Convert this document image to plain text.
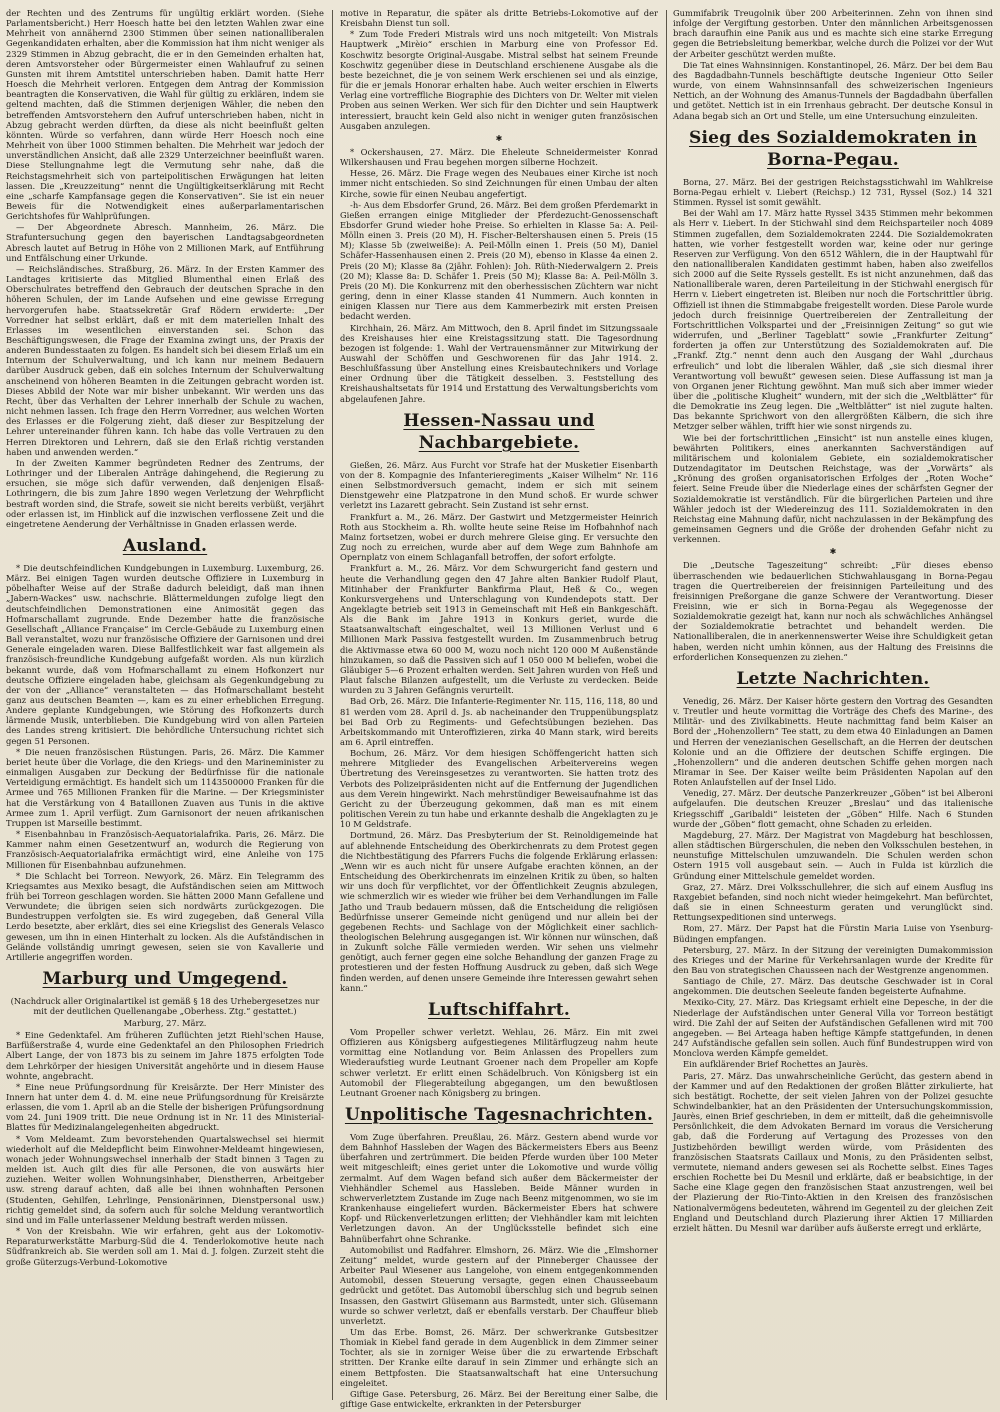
der Rechten und des Zentrums für ungültig erklärt worden. (Siehe Parlamentsbericht.) Herr Hoesch hatte bei den letzten Wahlen zwar eine Mehrheit von annähernd 2300 Stimmen über seinen nationalliberalen Gegenkandidaten erhalten, aber die Kommission hat ihm nicht weniger als 2329 Stimmen in Abzug gebracht, die er in den Gemeinden erhalten hat, deren Amtsvorsteher oder Bürgermeister einen Wahlaufruf zu seinen Gunsten mit ihrem Amtstitel unterschrieben haben. Damit hatte Herr Hoesch die Mehrheit verloren. Entgegen dem Antrag der Kommission beantragten die Konservativen, die Wahl für gültig zu erklären, indem sie geltend machten, daß die Stimmen derjenigen Wähler, die neben den betreffenden Amtsvorstehern den Aufruf unterschrieben haben, nicht in Abzug gebracht werden dürften, da diese als nicht beeinflußt gelten könnten. Würde so verfahren, dann würde Herr Hoesch noch eine Mehrheit von über 1000 Stimmen behalten. Die Mehrheit war jedoch der unverständlichen Ansicht, daß alle 2329 Unterzeichner beeinflußt waren. Diese Stellungnahme legt die Vermutung sehr nahe, daß die Reichstagsmehrheit sich von parteipolitischen Erwägungen hat leiten lassen. Die „Kreuzzeitung“ nennt die Ungültigkeitserklärung mit Recht eine „scharfe Kampfansage gegen die Konservativen“. Sie ist ein neuer Beweis für die Notwendigkeit eines außerparlamentarischen Gerichtshofes für Wahlprüfungen.

— Der Abgeordnete Abresch. Mannheim, 26. März. Die Strafuntersuchung gegen den bayerischen Landtagsabgeordneten Abresch lautet auf Betrug in Höhe von 2 Millionen Mark, auf Entführung und Entfälschung einer Urkunde.

— Reichsländisches. Straßburg, 26. März. In der Ersten Kammer des Landtages kritisierte das Mitglied Blumenthal einen Erlaß des Oberschulrates betreffend den Gebrauch der deutschen Sprache in den höheren Schulen, der im Lande Aufsehen und eine gewisse Erregung hervorgerufen habe. Staatssekretär Graf Rödern erwiderte: „Der Vorredner hat selbst erklärt, daß er mit dem materiellen Inhalt des Erlasses im wesentlichen einverstanden sei. Schon das Beschäftigungswesen, die Frage der Examina zwingt uns, der Praxis der anderen Bundesstaaten zu folgen. Es handelt sich bei diesem Erlaß um ein Internum der Schulverwaltung, und ich kann nur meinem Bedauern darüber Ausdruck geben, daß ein solches Internum der Schulverwaltung anscheinend von höheren Beamten in die Zeitungen gebracht worden ist. Dieses Abbild der Note war mir bisher unbekannt. Wir werden uns das Recht, über das Verhalten der Lehrer innerhalb der Schule zu wachen, nicht nehmen lassen. Ich frage den Herrn Vorredner, aus welchen Worten des Erlasses er die Folgerung zieht, daß dieser zur Bespitzelung der Lehrer untereinander führen kann. Ich habe das volle Vertrauen zu den Herren Direktoren und Lehrern, daß sie den Erlaß richtig verstanden haben und anwenden werden.“

In der Zweiten Kammer begründeten Redner des Zentrums, der Lothringer und der Liberalen Anträge dahingehend, die Regierung zu ersuchen, sie möge sich dafür verwenden, daß denjenigen Elsaß-Lothringern, die bis zum Jahre 1890 wegen Verletzung der Wehrpflicht bestraft worden sind, die Strafe, soweit sie nicht bereits verbüßt, verjährt oder erlassen ist, im Hinblick auf die inzwischen verflossene Zeit und die eingetretene Aenderung der Verhältnisse in Gnaden erlassen werde.

Ausland.

* Die deutschfeindlichen Kundgebungen in Luxemburg. Luxemburg, 26. März. Bei einigen Tagen wurden deutsche Offiziere in Luxemburg in pöbelhafter Weise auf der Straße dadurch beleidigt, daß man ihnen „Jabern-Wackes“ usw. nachschrie. Blättermeldungen zufolge liegt den deutschfeindlichen Demonstrationen eine Animosität gegen das Hofmarschallamt zugrunde. Ende Dezember hatte die französische Gesellschaft „Alliance Française“ im Cercle-Gebäude zu Luxemburg einen Ball veranstaltet, wozu nur französische Offiziere der Garnisonen und drei Generale eingeladen waren. Diese Ballfestlichkeit war fast allgemein als französisch-freundliche Kundgebung aufgefaßt worden. Als nun kürzlich bekannt wurde, daß vom Hofmarschallamt zu einem Hofkonzert nur deutsche Offiziere eingeladen habe, gleichsam als Gegenkundgebung zu der von der „Alliance“ veranstalteten — das Hofmarschallamt besteht ganz aus deutschen Beamten —, kam es zu einer erheblichen Erregung. Andere geplante Kundgebungen, wie Störung des Hofkonzerts durch lärmende Musik, unterblieben. Die Kundgebung wird von allen Parteien des Landes streng kritisiert. Die behördliche Untersuchung richtet sich gegen 51 Personen.

* Die neuen französischen Rüstungen. Paris, 26. März. Die Kammer beriet heute über die Vorlage, die den Kriegs- und den Marineminister zu einmaligen Ausgaben zur Deckung der Bedürfnisse für die nationale Verteidigung ermächtigt. Es handelt sich um 1143500000 Franken für die Armee und 765 Millionen Franken für die Marine. — Der Kriegsminister hat die Verstärkung von 4 Bataillonen Zuaven aus Tunis in die aktive Armee zum 1. April verfügt. Zum Garnisonort der neuen afrikanischen Truppen ist Marseille bestimmt.

* Eisenbahnbau in Französisch-Aequatorialafrika. Paris, 26. März. Die Kammer nahm einen Gesetzentwurf an, wodurch die Regierung von Französisch-Aequatorialafrika ermächtigt wird, eine Anleihe von 175 Millionen für Eisenbahnbau aufzunehmen.

* Die Schlacht bei Torreon. Newyork, 26. März. Ein Telegramm des Kriegsamtes aus Mexiko besagt, die Aufständischen seien am Mittwoch früh bei Torreon geschlagen worden. Sie hätten 2000 Mann Gefallene und Verwundete; die übrigen seien sich nordwärts zurückgezogen. Die Bundestruppen verfolgten sie. Es wird zugegeben, daß General Villa Lerdo besetzte, aber erklärt, dies sei eine Kriegslist des Generals Velasco gewesen, um ihn in einen Hinterhalt zu locken. Als die Aufständischen in Gelände vollständig umringt gewesen, seien sie von Kavallerie und Artillerie angegriffen worden.

Marburg und Umgegend.
(Nachdruck aller Originalartikel ist gemäß § 18 des Urhebergesetzes nur mit der deutlichen Quellenangabe „Oberhess. Ztg.“ gestattet.)
Marburg, 27. März.

* Eine Gedenktafel. Am früheren Zuflüchten jetzt Riehl'schen Hause, Barfüßerstraße 4, wurde eine Gedenktafel an den Philosophen Friedrich Albert Lange, der von 1873 bis zu seinem im Jahre 1875 erfolgten Tode dem Lehrkörper der hiesigen Universität angehörte und in diesem Hause wohnte, angebracht.

* Eine neue Prüfungsordnung für Kreisärzte. Der Herr Minister des Innern hat unter dem 4. d. M. eine neue Prüfungsordnung für Kreisärzte erlassen, die vom 1. April ab an die Stelle der bisherigen Prüfungsordnung vom 24. Juni 1909 tritt. Die neue Ordnung ist in Nr. 11 des Ministerial-Blattes für Medizinalangelegenheiten abgedruckt.

* Vom Meldeamt. Zum bevorstehenden Quartalswechsel sei hiermit wiederholt auf die Meldepflicht beim Einwohner-Meldeamt hingewiesen, wonach jeder Wohnungswechsel innerhalb der Stadt binnen 3 Tagen zu melden ist. Auch gilt dies für alle Personen, die von auswärts hier zuziehen. Weiter wollen Wohnungsinhaber, Dienstherren, Arbeitgeber usw. streng darauf achten, daß alle bei ihnen wohnhaften Personen (Studenten, Gehilfen, Lehrlinge, Pensionärinnen, Dienstpersonal usw.) richtig gemeldet sind, da sofern auch für solche Meldung verantwortlich sind und im Falle unterlassener Meldung bestraft werden müssen.

* Von der Kreisbahn. Wie wir erfahren, geht aus der Lokomotiv-Reparaturwerkstätte Marburg-Süd die 4. Tenderlokomotive heute nach Südfrankreich ab. Sie werden soll am 1. Mai d. J. folgen. Zurzeit steht die große Güterzugs-Verbund-Lokomotive

motive in Reparatur, die später als dritte Betriebs-Lokomotive auf der Kreisbahn Dienst tun soll.

* Zum Tode Frederi Mistrals wird uns noch mitgeteilt: Von Mistrals Hauptwerk „Mirèio“ erschien in Marburg eine von Professor Ed. Koschwitz besorgte Original-Ausgabe. Mistral selbst hat seinem Freunde Koschwitz gegenüber diese in Deutschland erschienene Ausgabe als die beste bezeichnet, die je von seinem Werk erschienen sei und als einzige, für die er jemals Honorar erhalten habe. Auch weiter erschien in Elwerts Verlag eine vortreffliche Biographie des Dichters von Dr. Welter mit vielen Proben aus seinen Werken. Wer sich für den Dichter und sein Hauptwerk interessiert, braucht kein Geld also nicht in weniger guten französischen Ausgaben anzulegen.

✱

* Ockershausen, 27. März. Die Eheleute Schneidermeister Konrad Wilkershausen und Frau begehen morgen silberne Hochzeit.

Hesse, 26. März. Die Frage wegen des Neubaues einer Kirche ist noch immer nicht entschieden. So sind Zeichnungen für einen Umbau der alten Kirche, sowie für einen Neubau angefertigt.

-h- Aus dem Ebsdorfer Grund, 26. März. Bei dem großen Pferdemarkt in Gießen errangen einige Mitglieder der Pferdezucht-Genossenschaft Ebsdorfer Grund wieder hohe Preise. So erhielten in Klasse 5a: A. Peil-Mölln einen 3. Preis (20 M), H. Fischer-Beltershausen einen 5. Preis (15 M); Klasse 5b (zweiweiße): A. Peil-Mölln einen 1. Preis (50 M), Daniel Schäfer-Hassenhausen einen 2. Preis (20 M), ebenso in Klasse 4a einen 2. Preis (20 M); Klasse 8a (2jähr. Fohlen): Joh. Rüth-Niederwalgern 2. Preis (20 M); Klasse 8a: D. Schäfer 1. Preis (50 M); Klasse 8a: A. Peil-Mölln 3. Preis (20 M). Die Konkurrenz mit den oberhessischen Züchtern war nicht gering, denn in einer Klasse standen 41 Nummern. Auch konnten in einigen Klassen nur Tiere aus dem Kammerbezirk mit ersten Preisen bedacht werden.

Kirchhain, 26. März. Am Mittwoch, den 8. April findet im Sitzungssaale des Kreishauses hier eine Kreistagssitzung statt. Die Tagesordnung bezogen ist folgende: 1. Wahl der Vertrauensmänner zur Mitwirkung der Auswahl der Schöffen und Geschworenen für das Jahr 1914. 2. Beschlußfassung über Anstellung eines Kreisbautechnikers und Vorlage einer Ordnung über die Tätigkeit desselben. 3. Feststellung des Kreishaushaltsetats für 1914 und Erstattung des Verwaltungsberichts vom abgelaufenen Jahre.

Hessen-Nassau und Nachbargebiete.

Gießen, 26. März. Aus Furcht vor Strafe hat der Musketier Eisenbarth von der 8. Kompagnie des Infanterieregiments „Kaiser Wilhelm“ Nr. 116 einen Selbstmordversuch gemacht, indem er sich mit seinem Dienstgewehr eine Platzpatrone in den Mund schoß. Er wurde schwer verletzt ins Lazarett gebracht. Sein Zustand ist sehr ernst.

Frankfurt a. M., 26. März. Der Gastwirt und Metzgermeister Heinrich Roth aus Stockheim a. Rh. wollte heute seine Reise im Hofbahnhof nach Mainz fortsetzen, wobei er durch mehrere Gleise ging. Er versuchte den Zug noch zu erreichen, wurde aber auf dem Wege zum Bahnhofe am Opernplatz von einem Schlaganfall betroffen, der sofort erfolgte.

Frankfurt a. M., 26. März. Vor dem Schwurgericht fand gestern und heute die Verhandlung gegen den 47 Jahre alten Bankier Rudolf Plaut, Mitinhaber der Frankfurter Bankfirma Plaut, Heß & Co., wegen Konkursvergehens und Unterschlagung von Kundendepots statt. Der Angeklagte betrieb seit 1913 in Gemeinschaft mit Heß ein Bankgeschäft. Als die Bank im Jahre 1913 in Konkurs geriet, wurde die Staatsanwaltschaft eingeschaltet, weil 13 Millionen Verlust und 6 Millionen Mark Passiva festgestellt wurden. Im Zusammenbruch betrug die Aktivmasse etwa 60 000 M, wozu noch nicht 120 000 M Außenstände hinzukamen, so daß die Passiven sich auf 1 050 000 M beliefen, wobei die Gläubiger 5—6 Prozent erhalten werden. Seit Jahren wurden von Heß und Plaut falsche Bilanzen aufgestellt, um die Verluste zu verdecken. Beide wurden zu 3 Jahren Gefängnis verurteilt.

Bad Orb, 26. März. Die Infanterie-Regimenter Nr. 115, 116, 118, 80 und 81 werden vom 28. April d. Js. ab nacheinander den Truppenübungsplatz bei Bad Orb zu Regiments- und Gefechtsübungen beziehen. Das Arbeitskommando mit Unteroffizieren, zirka 40 Mann stark, wird bereits am 6. April eintreffen.

Bochum, 26. März. Vor dem hiesigen Schöffengericht hatten sich mehrere Mitglieder des Evangelischen Arbeitervereins wegen Übertretung des Vereinsgesetzes zu verantworten. Sie hatten trotz des Verbots des Polizeipräsidenten nicht auf die Entfernung der Jugendlichen aus dem Verein hingewirkt. Nach mehrstündiger Beweisaufnahme ist das Gericht zu der Überzeugung gekommen, daß man es mit einem politischen Verein zu tun habe und erkannte deshalb die Angeklagten zu je 10 M Geldstrafe.

Dortmund, 26. März. Das Presbyterium der St. Reinoldigemeinde hat auf ablehnende Entscheidung des Oberkirchenrats zu dem Protest gegen die Nichtbestätigung des Pfarrers Fuchs die folgende Erklärung erlassen: „Wenn wir es auch nicht für unsere Aufgabe erachten können, an der Entscheidung des Oberkirchenrats im einzelnen Kritik zu üben, so halten wir uns doch für verpflichtet, vor der Öffentlichkeit Zeugnis abzulegen, wie schmerzlich wir es wieder wie früher bei dem Verhandlungen im Falle Jatho und Traub bedauern müssen, daß die Entscheidung die religiösen Bedürfnisse unserer Gemeinde nicht genügend und nur allein bei der gegebenen Rechts- und Sachlage von der Möglichkeit einer sachlich-theologischen Belehrung ausgegangen ist. Wir können nur wünschen, daß in Zukunft solche Fälle vermieden werden. Wir sehen uns vielmehr genötigt, auch ferner gegen eine solche Behandlung der ganzen Frage zu protestieren und der festen Hoffnung Ausdruck zu geben, daß sich Wege finden werden, auf denen unsere Gemeinde ihre Interessen gewahrt sehen kann.“

Luftschiffahrt.

Vom Propeller schwer verletzt. Wehlau, 26. März. Ein mit zwei Offizieren aus Königsberg aufgestiegenes Militärflugzeug nahm heute vormittag eine Notlandung vor. Beim Anlassen des Propellers zum Wiederaufstieg wurde Leutnant Groener nach dem Propeller am Kopfe schwer verletzt. Er erlitt einen Schädelbruch. Von Königsberg ist ein Automobil der Fliegerabteilung abgegangen, um den bewußtlosen Leutnant Groener nach Königsberg zu bringen.

Unpolitische Tagesnachrichten.

Vom Zuge überfahren. Preußlau, 26. März. Gestern abend wurde vor dem Bahnhof Hassleben der Wagen des Bäckermeisters Ebers aus Beenz überfahren und zertrümmert. Die beiden Pferde wurden über 100 Meter weit mitgeschleift; eines geriet unter die Lokomotive und wurde völlig zermalmt. Auf dem Wagen befand sich außer dem Bäckermeister der Viehhändler Schemel aus Hassleben. Beide Männer wurden in schwerverletztem Zustande im Zuge nach Beenz mitgenommen, wo sie im Krankenhause eingeliefert wurden. Bäckermeister Ebers hat schwere Kopf- und Rückenverletzungen erlitten; der Viehhändler kam mit leichten Verletzungen davon. An der Unglücksstelle befindet sich eine Bahnüberfahrt ohne Schranke.

Automobilist und Radfahrer. Elmshorn, 26. März. Wie die „Elmshorner Zeitung“ meldet, wurde gestern auf der Pinneberger Chaussee der Arbeiter Paul Wiesener aus Langelohe, von einem entgegenkommenden Automobil, dessen Steuerung versagte, gegen einen Chausseebaum gedrückt und getötet. Das Automobil überschlug sich und begrub seinen Insassen, den Gastwirt Glüsemann aus Barmstedt, unter sich. Glüsemann wurde so schwer verletzt, daß er ebenfalls verstarb. Der Chauffeur blieb unverletzt.

Um das Erbe. Bomst, 26. März. Der schwerkranke Gutsbesitzer Thomiak in Kiebel fand gerade in dem Augenblick in dem Zimmer seiner Tochter, als sie in zorniger Weise über die zu erwartende Erbschaft stritten. Der Kranke eilte darauf in sein Zimmer und erhängte sich an einem Bettpfosten. Die Staatsanwaltschaft hat eine Untersuchung eingeleitet.

Giftige Gase. Petersburg, 26. März. Bei der Bereitung einer Salbe, die giftige Gase entwickelte, erkrankten in der Petersburger

Gummifabrik Treugolnik über 200 Arbeiterinnen. Zehn von ihnen sind infolge der Vergiftung gestorben. Unter den männlichen Arbeitsgenossen brach daraufhin eine Panik aus und es machte sich eine starke Erregung gegen die Betriebsleitung bemerkbar, welche durch die Polizei vor der Wut der Arbeiter geschützt werden mußte.

Die Tat eines Wahnsinnigen. Konstantinopel, 26. März. Der bei dem Bau des Bagdadbahn-Tunnels beschäftigte deutsche Ingenieur Otto Seiler wurde, von einem Wahnsinnsanfall des schweizerischen Ingenieurs Nettich, an der Wohnung des Amanus-Tunnels der Bagdadbahn überfallen und getötet. Nettich ist in ein Irrenhaus gebracht. Der deutsche Konsul in Adana begab sich an Ort und Stelle, um eine Untersuchung einzuleiten.

Sieg des Sozialdemokraten in Borna-Pegau.

Borna, 27. März. Bei der gestrigen Reichstagsstichwahl im Wahlkreise Borna-Pegau erhielt v. Liebert (Reichsp.) 12 731, Ryssel (Soz.) 14 321 Stimmen. Ryssel ist somit gewählt.

Bei der Wahl am 17. März hatte Ryssel 3435 Stimmen mehr bekommen als Herr v. Liebert. In der Stichwahl sind dem Reichsparteiler noch 4089 Stimmen zugefallen, dem Sozialdemokraten 2244. Die Sozialdemokraten hatten, wie vorher festgestellt worden war, keine oder nur geringe Reserven zur Verfügung. Von den 6512 Wählern, die in der Hauptwahl für den nationalliberalen Kandidaten gestimmt haben, haben also zweifellos sich 2000 auf die Seite Ryssels gestellt. Es ist nicht anzunehmen, daß das Nationalliberale waren, deren Parteileitung in der Stichwahl energisch für Herrn v. Liebert eingetreten ist. Bleiben nur noch die Fortschrittler übrig. Offiziell ist ihnen die Stimmabgabe freigestellt worden. Diese Parole wurde jedoch durch freisinnige Quertreibereien der Zentralleitung der Fortschrittlichen Volkspartei und der „Freisinnigen Zeitung“ so gut wie widerrufen, und „Berliner Tageblatt“ sowie „Frankfurter Zeitung“ forderten ja offen zur Unterstützung des Sozialdemokraten auf. Die „Frankf. Ztg.“ nennt denn auch den Ausgang der Wahl „durchaus erfreulich“ und lobt die liberalen Wähler, daß „sie sich diesmal ihrer Verantwortung voll bewußt“ gewesen seien. Diese Auffassung ist man ja von Organen jener Richtung gewöhnt. Man muß sich aber immer wieder über die „politische Klugheit“ wundern, mit der sich die „Weltblätter“ für die Demokratie ins Zeug legen. Die „Weltblätter“ ist niel zugute halten. Das bekannte Sprichwort von den allergrößten Kälbern, die sich ihre Metzger selber wählen, trifft hier wie sonst nirgends zu.

Wie bei der fortschrittlichen „Einsicht“ ist nun anstelle eines klugen, bewährten Politikers, eines anerkannten Sachverständigen auf militärischem und kolonialem Gebiete, ein sozialdemokratischer Dutzendagitator im Deutschen Reichstage, was der „Vorwärts“ als „Krönung des großen organisatorischen Erfolges der „Roten Woche“ feiert. Seine Freude über die Niederlage eines der schärfsten Gegner der Sozialdemokratie ist verständlich. Für die bürgerlichen Parteien und ihre Wähler jedoch ist der Wiedereinzug des 111. Sozialdemokraten in den Reichstag eine Mahnung dafür, nicht nachzulassen in der Bekämpfung des gemeinsamen Gegners und die Größe der drohenden Gefahr nicht zu verkennen.

✱

Die „Deutsche Tageszeitung“ schreibt: „Für dieses ebenso überraschenden wie bedauerlichen Stichwahlausgang in Borna-Pegau tragen die Quertreibereien der freisinnigen Parteileitung und des freisinnigen Preßorgane die ganze Schwere der Verantwortung. Dieser Freisinn, wie er sich in Borna-Pegau als Wegegenosse der Sozialdemokratie gezeigt hat, kann nur noch als schwächliches Anhängsel der Sozialdemokratie betrachtet und behandelt werden. Die Nationalliberalen, die in anerkennenswerter Weise ihre Schuldigkeit getan haben, werden nicht umhin können, aus der Haltung des Freisinns die erforderlichen Konsequenzen zu ziehen.“

Letzte Nachrichten.

Venedig, 26. März. Der Kaiser hörte gestern den Vortrag des Gesandten v. Treutler und heute vormittag die Vorträge des Chefs des Marine-, des Militär- und des Zivilkabinetts. Heute nachmittag fand beim Kaiser an Bord der „Hohenzollern“ Tee statt, zu dem etwa 40 Einladungen an Damen und Herren der venezianischen Gesellschaft, an die Herren der deutschen Kolonie und an die Offiziere der deutschen Schiffe ergingen. Die „Hohenzollern“ und die anderen deutschen Schiffe gehen morgen nach Miramar in See. Der Kaiser weilte beim Präsidenten Napolan auf den Roten Anlaufstellen auf der Insel Lido.

Venedig, 27. März. Der deutsche Panzerkreuzer „Göben“ ist bei Alberoni aufgelaufen. Die deutschen Kreuzer „Breslau“ und das italienische Kriegsschiff „Garibaldi“ leisteten der „Göben“ Hilfe. Nach 6 Stunden wurde der „Göben“ flott gemacht, ohne Schaden zu erleiden.

Magdeburg, 27. März. Der Magistrat von Magdeburg hat beschlossen, allen städtischen Bürgerschulen, die neben den Volksschulen bestehen, in neunstufige Mittelschulen umzuwandeln. Die Schulen werden schon Ostern 1915 voll ausgebaut sein. — Auch in Fulda ist kürzlich die Gründung einer Mittelschule gemeldet worden.

Graz, 27. März. Drei Volksschullehrer, die sich auf einem Ausflug ins Raxgebiet befanden, sind noch nicht wieder heimgekehrt. Man befürchtet, daß sie in einen Schneesturm geraten und verunglückt sind. Rettungsexpeditionen sind unterwegs.

Rom, 27. März. Der Papst hat die Fürstin Maria Luise von Ysenburg-Büdingen empfangen.

Petersburg, 27. März. In der Sitzung der vereinigten Dumakommission des Krieges und der Marine für Verkehrsanlagen wurde der Kredite für den Bau von strategischen Chausseen nach der Westgrenze angenommen.

Santiago de Chile, 27. März. Das deutsche Geschwader ist in Coral angekommen. Die deutschen Seeleute fanden begeisterte Aufnahme.

Mexiko-City, 27. März. Das Kriegsamt erhielt eine Depesche, in der die Niederlage der Aufständischen unter General Villa vor Torreon bestätigt wird. Die Zahl der auf Seiten der Aufständischen Gefallenen wird mit 700 angegeben. — Bei Arteaga haben heftige Kämpfe stattgefunden, in denen 247 Aufständische gefallen sein sollen. Auch fünf Bundestruppen wird von Monclova werden Kämpfe gemeldet.

Ein aufklärender Brief Rochettes an Jaurès.

Paris, 27. März. Das unwahrscheinliche Gerücht, das gestern abend in der Kammer und auf den Redaktionen der großen Blätter zirkulierte, hat sich bestätigt. Rochette, der seit vielen Jahren von der Polizei gesuchte Schwindelbankier, hat an den Präsidenten der Untersuchungskommission, Jaurès, einen Brief geschrieben, in dem er mitteilt, daß die geheimnisvolle Persönlichkeit, die dem Advokaten Bernard im voraus die Versicherung gab, daß die Forderung auf Vertagung des Prozesses von den Justizbehörden bewilligt werden würde, vom Präsidenten des französischen Staatsrats Caillaux und Monis, zu den Präsidenten selbst, vermutete, niemand anders gewesen sei als Rochette selbst. Eines Tages erschien Rochette bei Du Mesnil und erklärte, daß er beabsichtige, in der Sache eine Klage gegen den französischen Staat anzustrengen, weil bei der Plazierung der Rio-Tinto-Aktien in den Kreisen des französischen Nationalvermögens bedeuteten, während im Gegenteil zu der gleichen Zeit England und Deutschland durch Plazierung ihrer Aktien 17 Milliarden erzielt hätten. Du Mesnil war darüber aufs äußerste erregt und erklärte,
